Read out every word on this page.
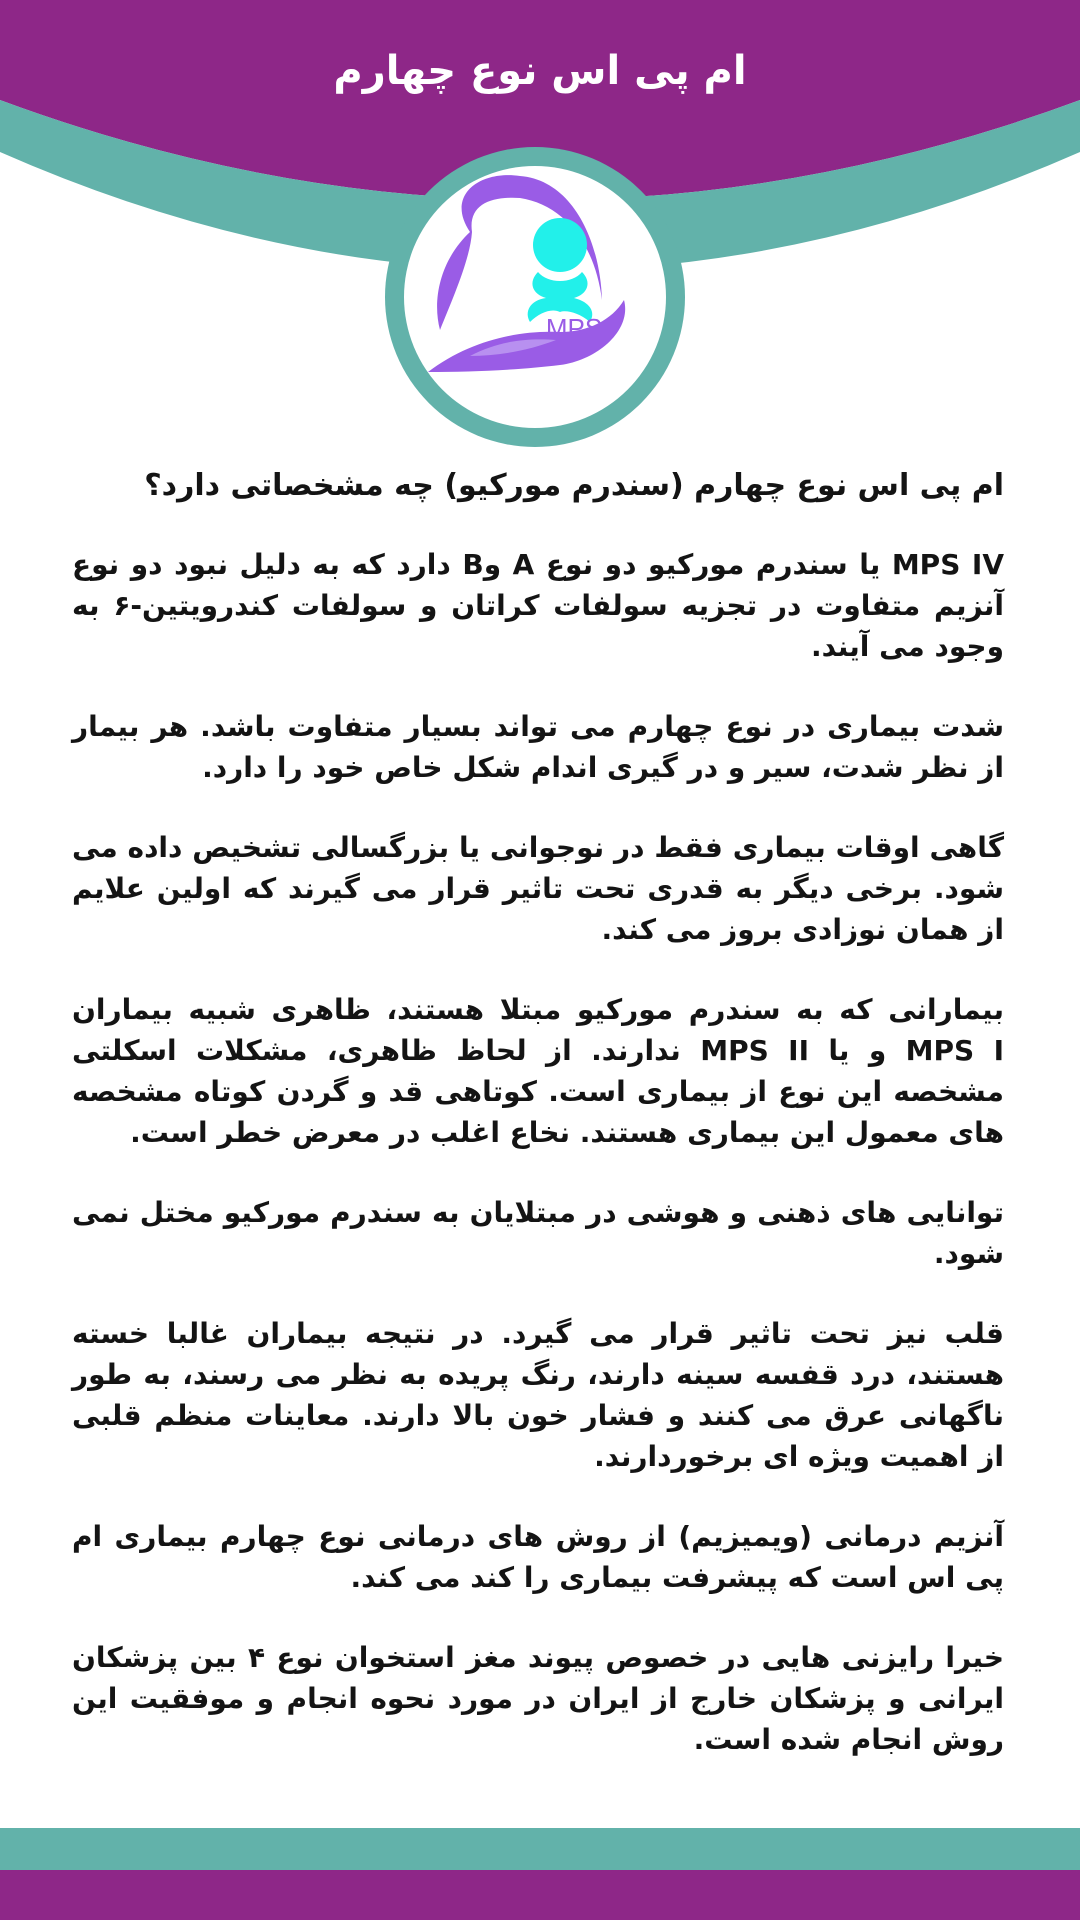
MPS
ام پی اس نوع چهارم

ام پی اس نوع چهارم (سندرم مورکیو) چه مشخصاتی دارد؟

MPS IV یا سندرم مورکیو دو نوع A وB دارد که به دلیل نبود دو نوع آنزیم متفاوت در تجزیه سولفات کراتان و سولفات کندرویتین-۶ به وجود می آیند.

شدت بیماری در نوع چهارم می تواند بسیار متفاوت باشد. هر بیمار از نظر شدت، سیر و در گیری اندام شکل خاص خود را دارد.

گاهی اوقات بیماری فقط در نوجوانی یا بزرگسالی تشخیص داده می شود. برخی دیگر به قدری تحت تاثیر قرار می گیرند که اولین علایم از همان نوزادی بروز می کند.

بیمارانی که به سندرم مورکیو مبتلا هستند، ظاهری شبیه بیماران MPS I و یا MPS II ندارند. از لحاظ ظاهری، مشکلات اسکلتی مشخصه این نوع از بیماری است. کوتاهی قد و گردن کوتاه مشخصه های معمول این بیماری هستند. نخاع اغلب در معرض خطر است.

توانایی های ذهنی و هوشی در مبتلایان به سندرم مورکیو مختل نمی شود.

قلب نیز تحت تاثیر قرار می گیرد. در نتیجه بیماران غالبا خسته هستند، درد قفسه سینه دارند، رنگ پریده به نظر می رسند، به طور ناگهانی عرق می کنند و فشار خون بالا دارند. معاینات منظم قلبی از اهمیت ویژه ای برخوردارند.

آنزیم درمانی (ویمیزیم) از روش های درمانی نوع چهارم بیماری ام پی اس است که پیشرفت بیماری را کند می کند.

خیرا رایزنی هایی در خصوص پیوند مغز استخوان نوع ۴ بین پزشکان ایرانی و پزشکان خارج از ایران در مورد نحوه انجام و موفقیت این روش انجام شده است.
